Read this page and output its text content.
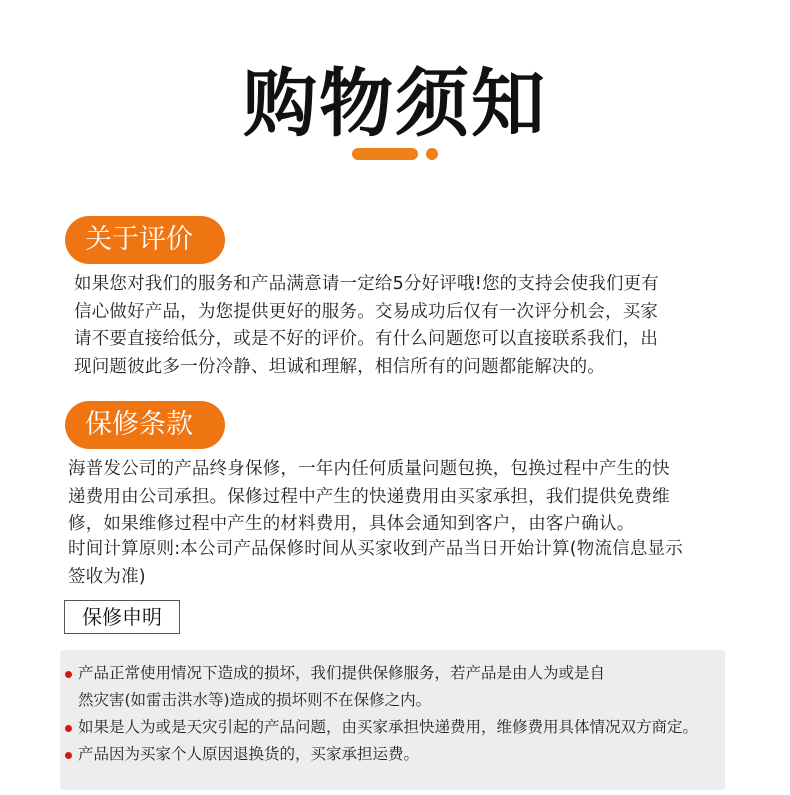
购物须知
关于评价
如果您对我们的服务和产品满意请一定给5分好评哦!您的支持会使我们更有
信心做好产品，为您提供更好的服务。交易成功后仅有一次评分机会，买家
请不要直接给低分，或是不好的评价。有什么问题您可以直接联系我们，出
现问题彼此多一份冷静、坦诚和理解，相信所有的问题都能解决的。
保修条款
海普发公司的产品终身保修，一年内任何质量问题包换，包换过程中产生的快
递费用由公司承担。保修过程中产生的快递费用由买家承担，我们提供免费维
修，如果维修过程中产生的材料费用，具体会通知到客户，由客户确认。
时间计算原则:本公司产品保修时间从买家收到产品当日开始计算(物流信息显示
签收为准)
保修申明
产品正常使用情况下造成的损坏，我们提供保修服务，若产品是由人为或是自
然灾害(如雷击洪水等)造成的损坏则不在保修之内。
如果是人为或是天灾引起的产品问题，由买家承担快递费用，维修费用具体情况双方商定。
产品因为买家个人原因退换货的，买家承担运费。
